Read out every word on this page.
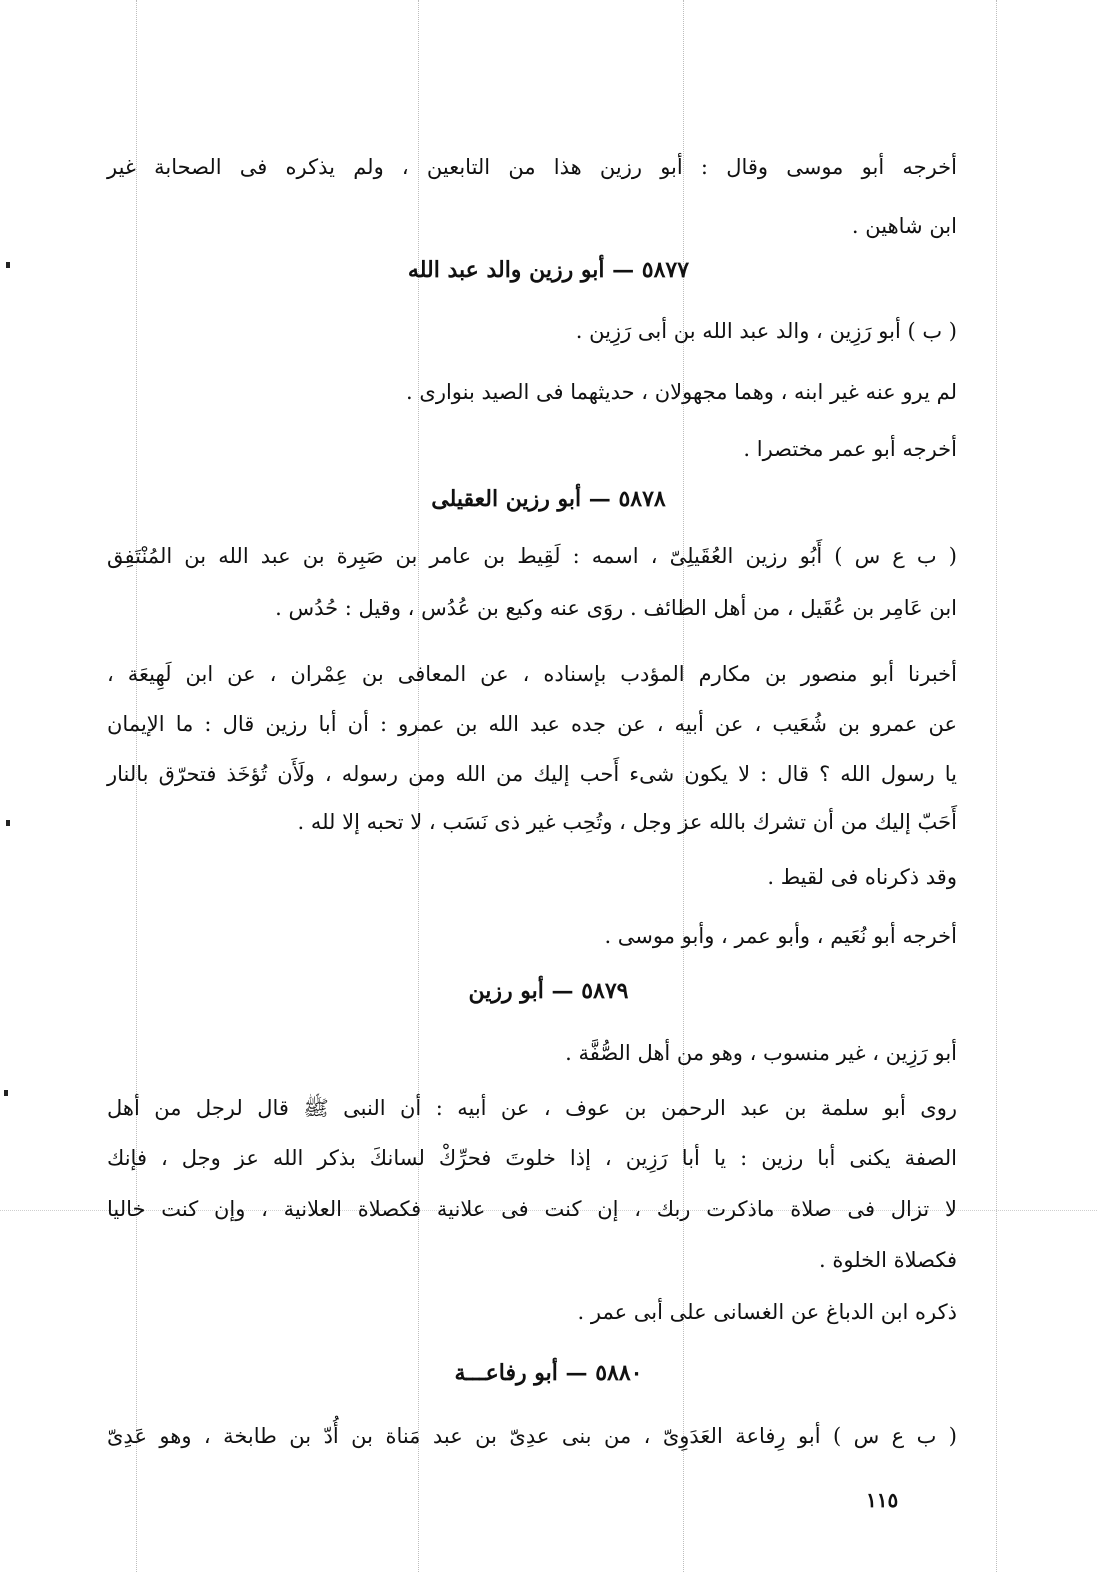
أخرجه أبو موسى وقال : أبو رزين هذا من التابعين ، ولم يذكره فى الصحابة غير
ابن شاهين .
٥٨٧٧ — أبو رزين والد عبد الله
( ب ) أبو رَزِين ، والد عبد الله بن أبى رَزِين .
لم يرو عنه غير ابنه ، وهما مجهولان ، حديثهما فى الصيد بنوارى .
أخرجه أبو عمر مختصرا .
٥٨٧٨ — أبو رزين العقيلى
( ب ع س ) أَبُو رزين العُقَيلِىّ ، اسمه : لَقِيط بن عامر بن صَبِرة بن عبد الله بن المُنْتَفِق
ابن عَامِر بن عُقَيل ، من أهل الطائف . روَى عنه وكيع بن عُدُس ، وقيل : حُدُس .
أخبرنا أبو منصور بن مكارم المؤدب بإسناده ، عن المعافى بن عِمْران ، عن ابن لَهِيعَة ،
عن عمرو بن شُعَيب ، عن أبيه ، عن جده عبد الله بن عمرو : أن أبا رزين قال : ما الإيمان
يا رسول الله ؟ قال : لا يكون شىء أَحب إليك من الله ومن رسوله ، ولَأَن تُؤخَذ فتحرّق بالنار
أَحَبّ إليك من أن تشرك بالله عز وجل ، وتُحِب غير ذى نَسَب ، لا تحبه إلا لله .
وقد ذكرناه فى لقيط .
أخرجه أبو نُعَيم ، وأبو عمر ، وأبو موسى .
٥٨٧٩ — أبو رزين
أبو رَزِين ، غير منسوب ، وهو من أهل الصُّفَّة .
روى أبو سلمة بن عبد الرحمن بن عوف ، عن أبيه : أن النبى ﷺ قال لرجل من أهل
الصفة يكنى أبا رزين : يا أبا رَزِين ، إذا خلوتَ فحرِّكْ لسانكَ بذكر الله عز وجل ، فإنك
لا تزال فى صلاة ماذكرت ربك ، إن كنت فى علانية فكصلاة العلانية ، وإن كنت خاليا
فكصلاة الخلوة .
ذكره ابن الدباغ عن الغسانى على أبى عمر .
٥٨٨٠ — أبو رفاعـــة
( ب ع س ) أبو رِفاعة العَدَوِىّ ، من بنى عدِىّ بن عبد مَناة بن أُدّ بن طابخة ، وهو عَدِىّ
١١٥
